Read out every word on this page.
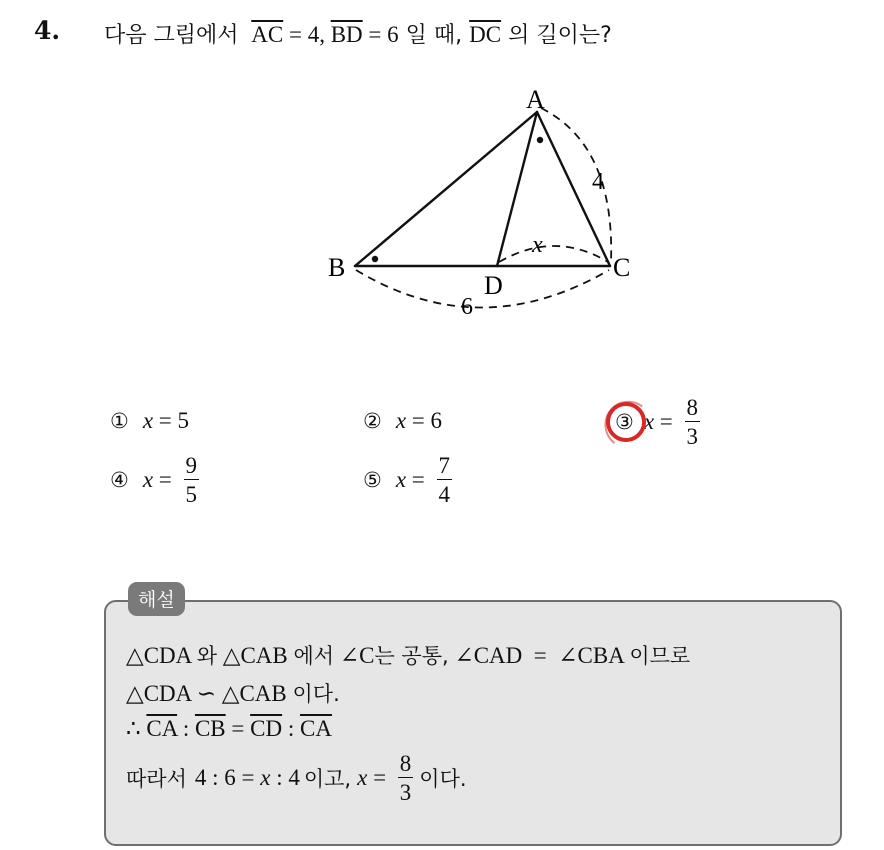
4. 다음 그림에서 $\overline{AC} = 4$, $\overline{BD} = 6$ 일 때, $\overline{DC}$ 의 길이는?
A
B	C
D
x
4
6
① x = 5	② x = 6	③ $x = \frac{8}{3}$
④ $x = \frac{9}{5}$	⑤ $x = \frac{7}{4}$
해설
△CDA 와 △CAB 에서 ∠C는 공통, ∠CAD = ∠CBA 이므로
△CDA ∽ △CAB 이다.
∴ $\overline{CA}$ : $\overline{CB} = \overline{CD}$ : $\overline{CA}$
따라서 4 : 6 = x : 4 이고, $x = \frac{8}{3}$ 이다.
